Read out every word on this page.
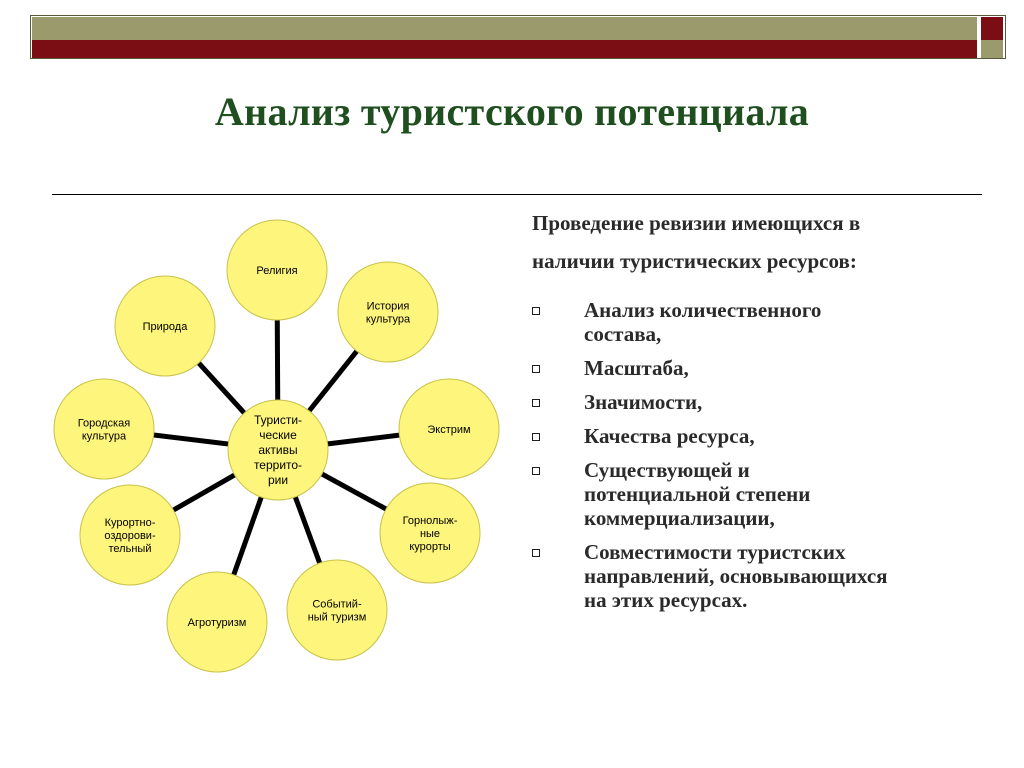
Анализ туристского потенциала
Проведение ревизии имеющихся в
наличии туристических ресурсов:
Анализ количественного
состава,
Масштаба,
Значимости,
Качества ресурса,
Существующей и
потенциальной степени
коммерциализации,
Совместимости туристских
направлений, основывающихся
на этих ресурсах.
Религия
История
культура
Экстрим
Горнолыж-
ные
курорты
Событий-
ный туризм
Агротуризм
Курортно-
оздорови-
тельный
Городская
культура
Природа
Туристи-
ческие
активы
террито-
рии
